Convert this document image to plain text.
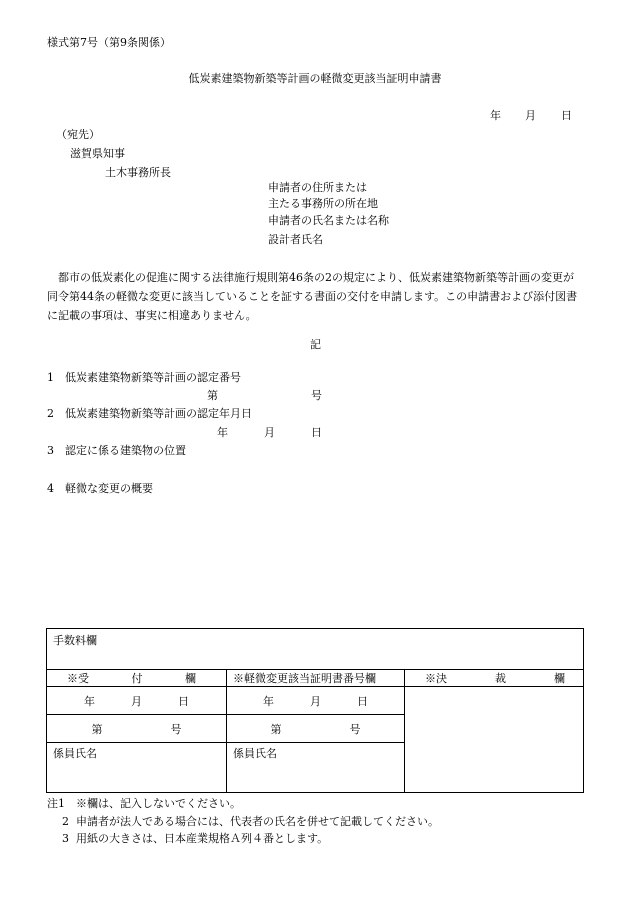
様式第7号（第9条関係）
低炭素建築物新築等計画の軽微変更該当証明申請書
年 月 日
（宛先）
滋賀県知事
土木事務所長
申請者の住所または
主たる事務所の所在地
申請者の氏名または名称
設計者氏名
都市の低炭素化の促進に関する法律施行規則第46条の2の規定により、低炭素建築物新築等計画の変更が同令第44条の軽微な変更に該当していることを証する書面の交付を申請します。この申請書および添付図書に記載の事項は、事実に相違ありません。
記
1 低炭素建築物新築等計画の認定番号
第	号
2 低炭素建築物新築等計画の認定年月日
年	月	日
3 認定に係る建築物の位置
4 軽微な変更の概要
手数料欄		

※受 付 欄	※軽微変更該当証明書番号欄	※決 裁 欄

年 月 日	年 月 日	

第 号	第 号	

係員氏名	係員氏名	
注1 ※欄は、記入しないでください。
2 申請者が法人である場合には、代表者の氏名を併せて記載してください。
3 用紙の大きさは、日本産業規格Ａ列４番とします。
